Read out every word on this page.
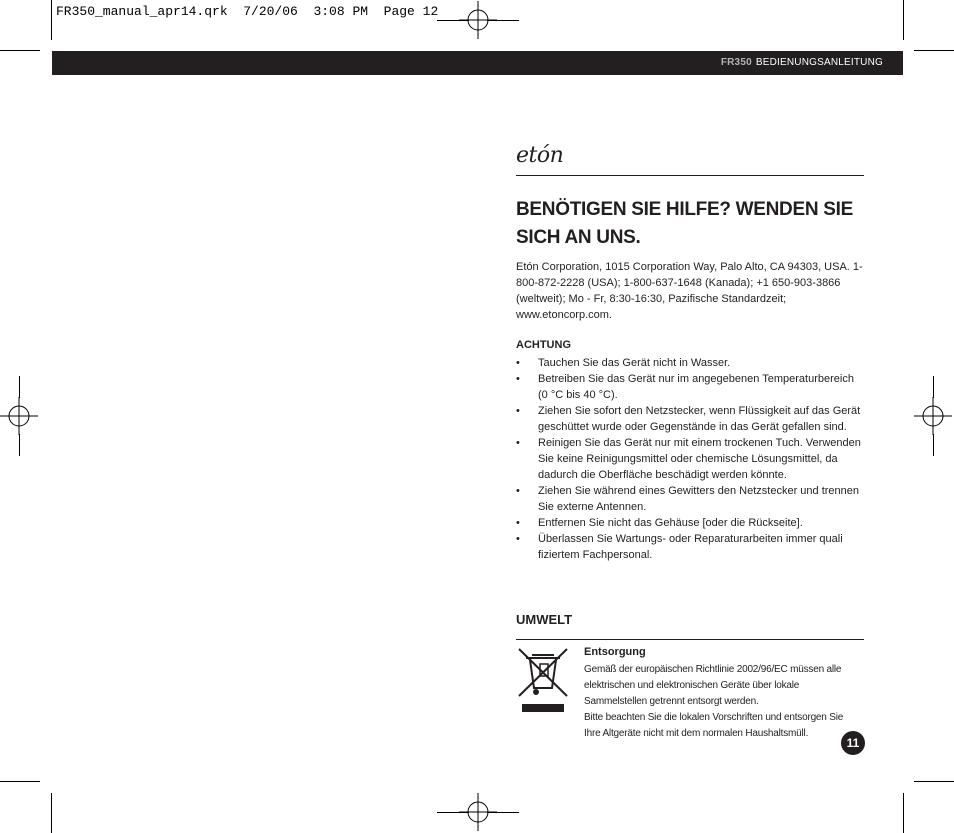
FR350_manual_apr14.qrk  7/20/06  3:08 PM  Page 12
FR350 BEDIENUNGSANLEITUNG
etón
BENÖTIGEN SIE HILFE? WENDEN SIE SICH AN UNS.
Etón Corporation, 1015 Corporation Way, Palo Alto, CA 94303, USA. 1-800-872-2228 (USA); 1-800-637-1648 (Kanada); +1 650-903-3866 (weltweit); Mo - Fr, 8:30-16:30, Pazifische Standardzeit; www.etoncorp.com.
ACHTUNG
• Tauchen Sie das Gerät nicht in Wasser.
• Betreiben Sie das Gerät nur im angegebenen Temperaturbereich (0 °C bis 40 °C).
• Ziehen Sie sofort den Netzstecker, wenn Flüssigkeit auf das Gerät geschüttet wurde oder Gegenstände in das Gerät gefallen sind.
• Reinigen Sie das Gerät nur mit einem trockenen Tuch. Verwenden Sie keine Reinigungsmittel oder chemische Lösungsmittel, da dadurch die Oberfläche beschädigt werden könnte.
• Ziehen Sie während eines Gewitters den Netzstecker und trennen Sie externe Antennen.
• Entfernen Sie nicht das Gehäuse [oder die Rückseite].
• Überlassen Sie Wartungs- oder Reparaturarbeiten immer quali fiziertem Fachpersonal.
UMWELT
Entsorgung
Gemäß der europäischen Richtlinie 2002/96/EC müssen alle elektrischen und elektronischen Geräte über lokale Sammelstellen getrennt entsorgt werden.
Bitte beachten Sie die lokalen Vorschriften und entsorgen Sie Ihre Altgeräte nicht mit dem normalen Haushaltsmüll.
11
